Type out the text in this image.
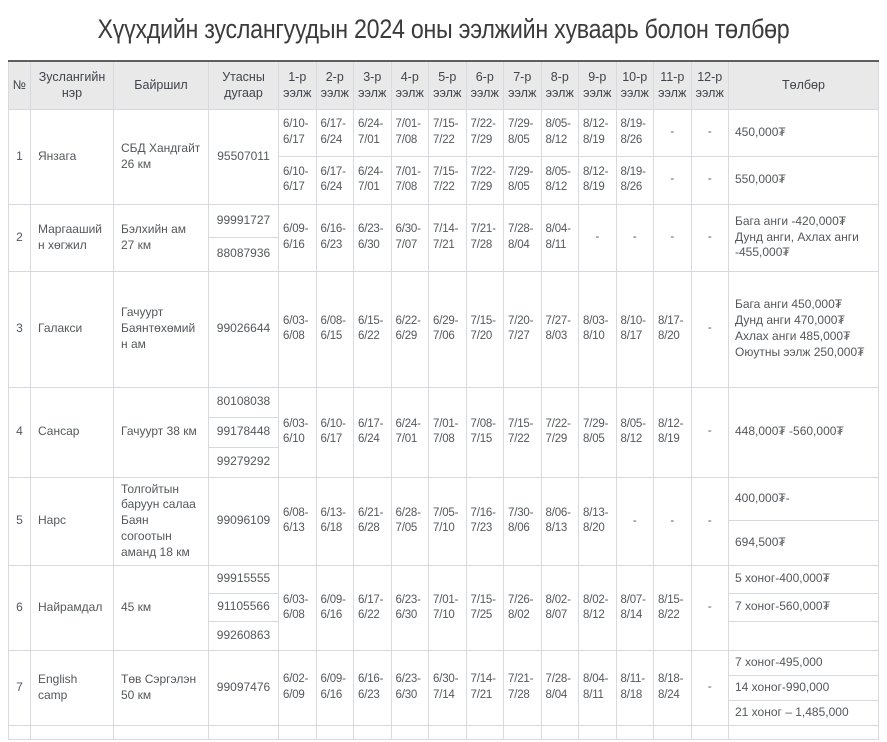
Хүүхдийн зуслангуудын 2024 оны ээлжийн хуваарь болон төлбөр
№	Зуслангийн нэр	Байршил	Утасны дугаар	1-р ээлж	2-р ээлж	3-р ээлж	4-р ээлж	5-р ээлж	6-р ээлж	7-р ээлж	8-р ээлж	9-р ээлж	10-р ээлж	11-р ээлж	12-р ээлж	Төлбөр
1	Янзага	СБД Хандгайт 26 км	95507011	6/10-6/17	6/17-6/24	6/24-7/01	7/01-7/08	7/15-7/22	7/22-7/29	7/29-8/05	8/05-8/12	8/12-8/19	8/19-8/26	-	-	450,000₮
				6/10-6/17	6/17-6/24	6/24-7/01	7/01-7/08	7/15-7/22	7/22-7/29	7/29-8/05	8/05-8/12	8/12-8/19	8/19-8/26	-	-	550,000₮
2	Маргаашийн хөгжил	Бэлхийн ам 27 км	99991727	6/09-6/16	6/16-6/23	6/23-6/30	6/30-7/07	7/14-7/21	7/21-7/28	7/28-8/04	8/04-8/11	-	-	-	-	Бага анги -420,000₮ Дунд анги, Ахлах анги -455,000₮
			88087936													
3	Галакси	Гачуурт Баянтөхөмийн ам	99026644	6/03-6/08	6/08-6/15	6/15-6/22	6/22-6/29	6/29-7/06	7/15-7/20	7/20-7/27	7/27-8/03	8/03-8/10	8/10-8/17	8/17-8/20	-	Бага анги 450,000₮ Дунд анги 470,000₮ Ахлах анги 485,000₮ Оюутны ээлж 250,000₮
4	Сансар	Гачуурт 38 км	80108038	6/03-6/10	6/10-6/17	6/17-6/24	6/24-7/01	7/01-7/08	7/08-7/15	7/15-7/22	7/22-7/29	7/29-8/05	8/05-8/12	8/12-8/19	-	448,000₮ -560,000₮
			99178448													
			99279292													
5	Нарс	Толгойтын баруун салаа Баян согоотын аманд 18 км	99096109	6/08-6/13	6/13-6/18	6/21-6/28	6/28-7/05	7/05-7/10	7/16-7/23	7/30-8/06	8/06-8/13	8/13-8/20	-	-	-	400,000₮-
																694,500₮
6	Найрамдал	45 км	99915555	6/03-6/08	6/09-6/16	6/17-6/22	6/23-6/30	7/01-7/10	7/15-7/25	7/26-8/02	8/02-8/07	8/02-8/12	8/07-8/14	8/15-8/22	-	5 хоног-400,000₮
			91105566													7 хоног-560,000₮
			99260863													
7	English camp	Төв Сэргэлэн 50 км	99097476	6/02-6/09	6/09-6/16	6/16-6/23	6/23-6/30	6/30-7/14	7/14-7/21	7/21-7/28	7/28-8/04	8/04-8/11	8/11-8/18	8/18-8/24	-	7 хоног-495,000
																14 хоног-990,000
																21 хоног – 1,485,000
